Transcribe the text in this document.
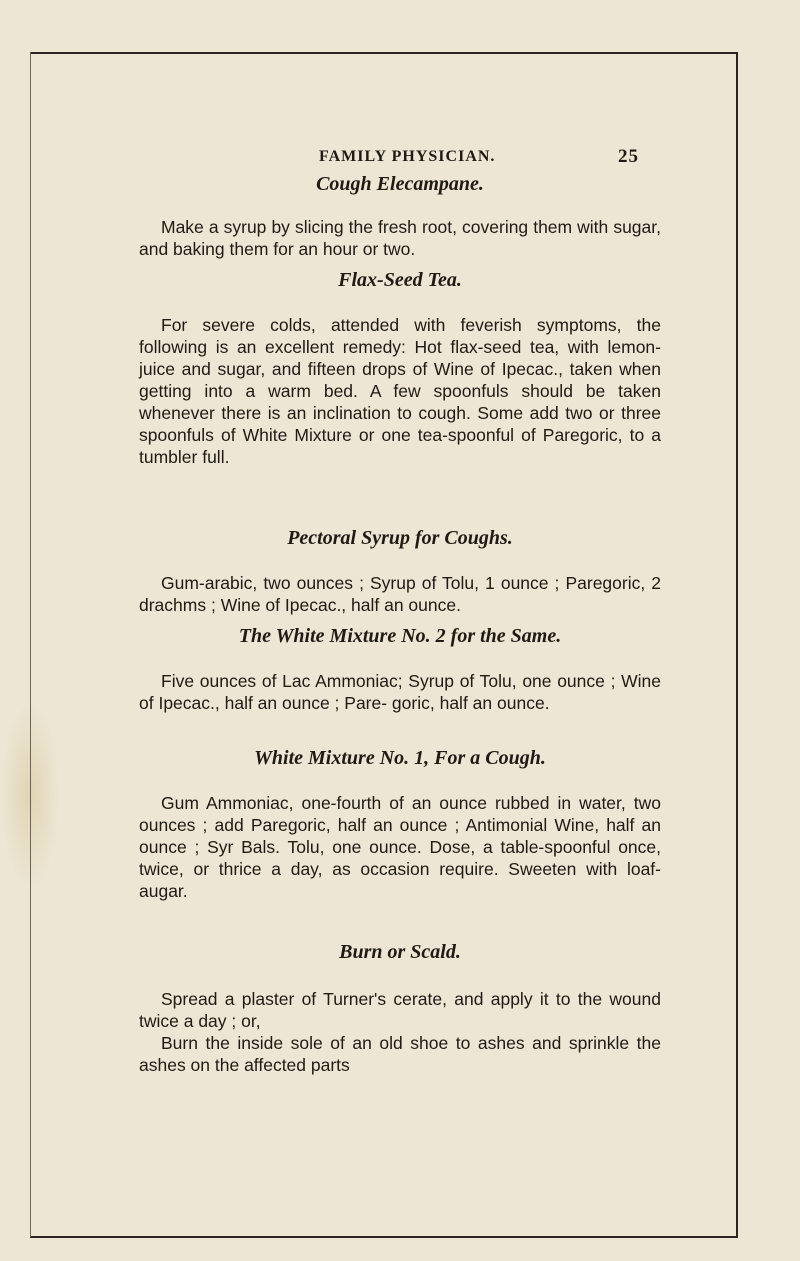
FAMILY PHYSICIAN.	25
Cough Elecampane.

Make a syrup by slicing the fresh root, covering them with sugar, and baking them for an hour or two.

Flax-Seed Tea.

For severe colds, attended with feverish symptoms, the following is an excellent remedy: Hot flax-seed tea, with lemon-juice and sugar, and fifteen drops of Wine of Ipecac., taken when getting into a warm bed. A few spoonfuls should be taken whenever there is an inclination to cough. Some add two or three spoonfuls of White Mixture or one tea-spoonful of Paregoric, to a tumbler full.

Pectoral Syrup for Coughs.

Gum-arabic, two ounces ; Syrup of Tolu, 1 ounce ; Paregoric, 2 drachms ; Wine of Ipecac., half an ounce.

The White Mixture No. 2 for the Same.

Five ounces of Lac Ammoniac; Syrup of Tolu, one ounce ; Wine of Ipecac., half an ounce ; Pare- goric, half an ounce.

White Mixture No. 1, For a Cough.

Gum Ammoniac, one-fourth of an ounce rubbed in water, two ounces ; add Paregoric, half an ounce ; Antimonial Wine, half an ounce ; Syr Bals. Tolu, one ounce. Dose, a table-spoonful once, twice, or thrice a day, as occasion require. Sweeten with loaf-augar.

Burn or Scald.

Spread a plaster of Turner's cerate, and apply it to the wound twice a day ; or,

Burn the inside sole of an old shoe to ashes and sprinkle the ashes on the affected parts
